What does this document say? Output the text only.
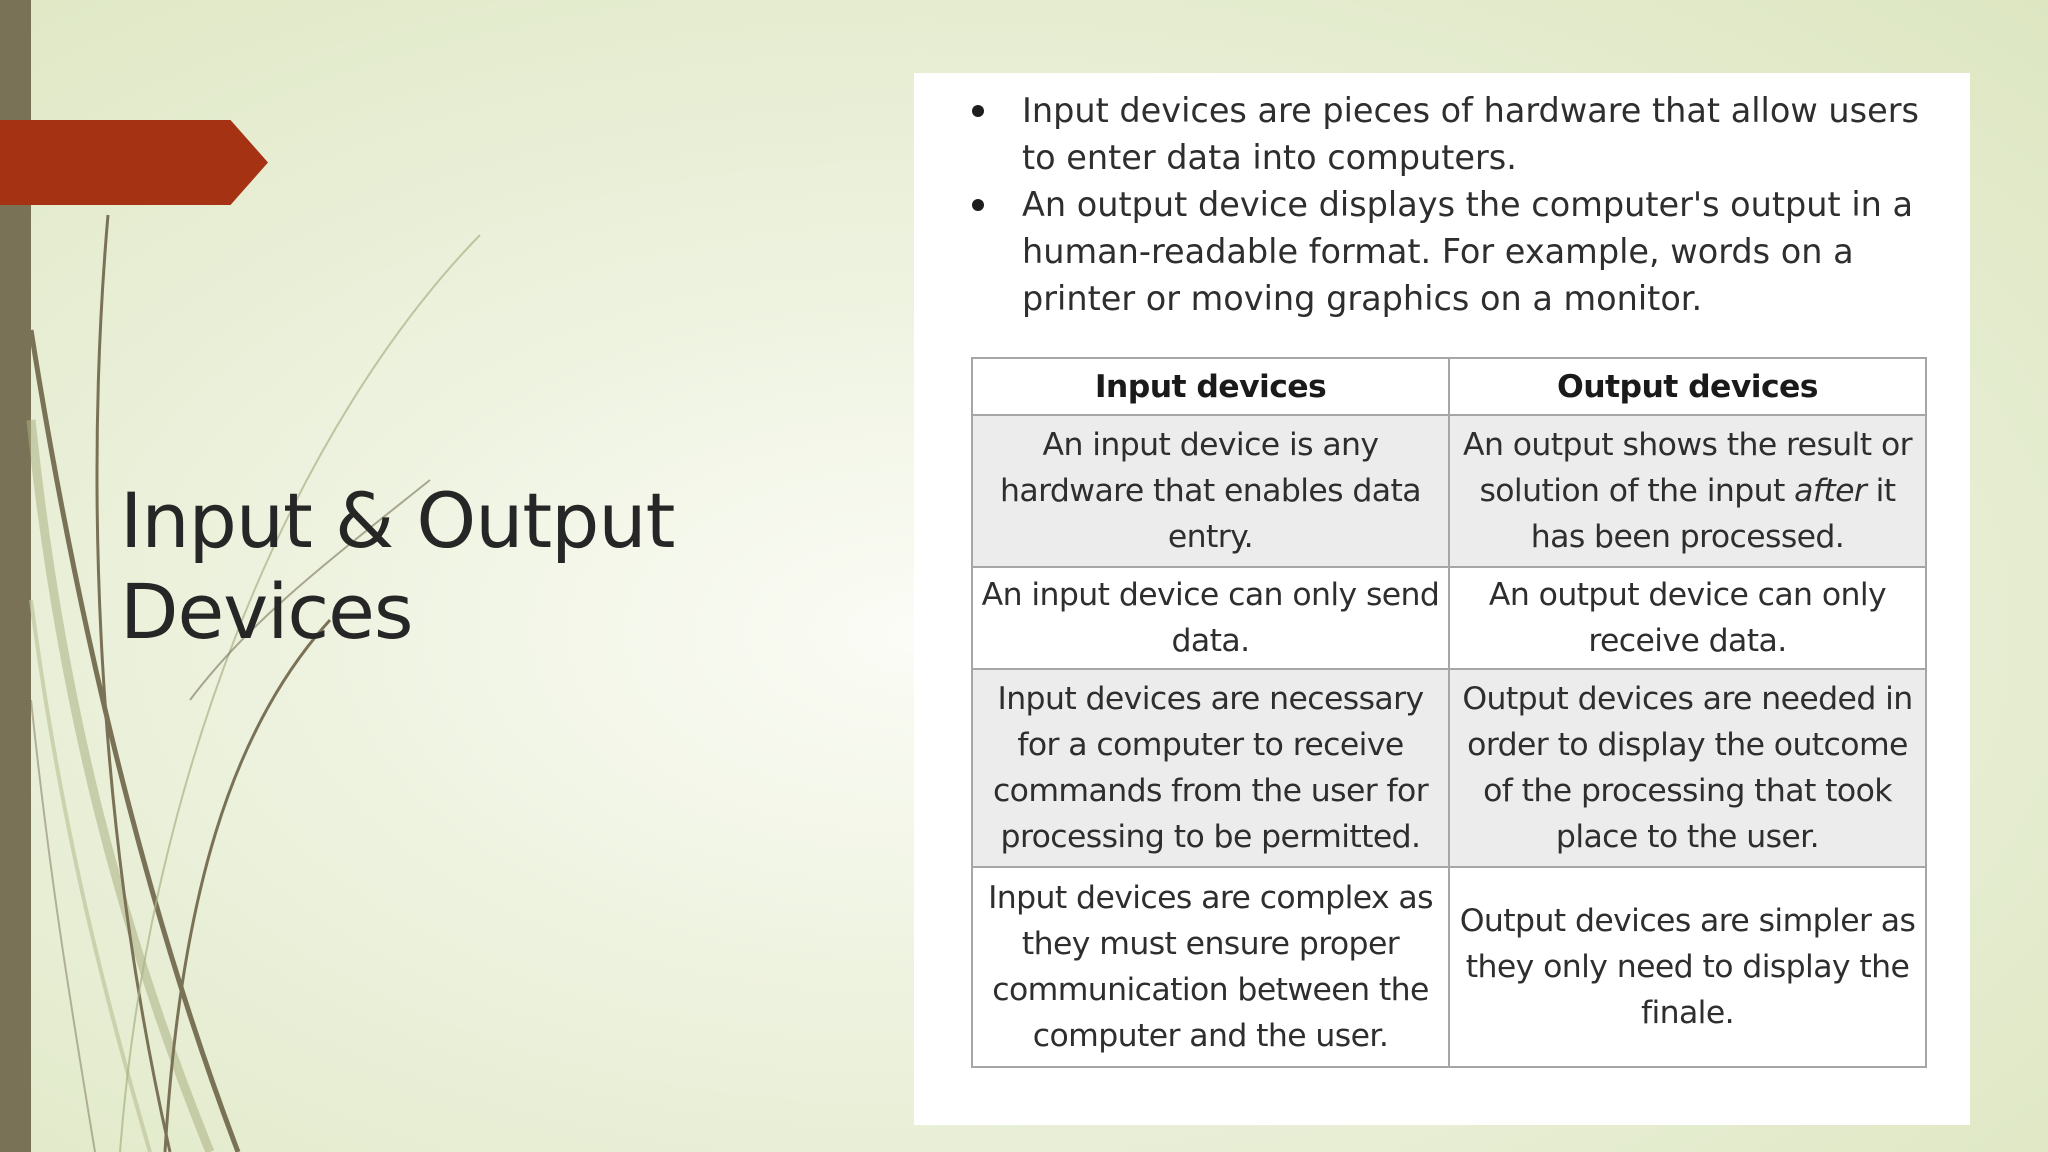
Input & Output
Devices
Input devices are pieces of hardware that allow users to enter data into computers.
An output device displays the computer's output in a human-readable format. For example, words on a printer or moving graphics on a monitor.
Input devices	Output devices
An input device is any hardware that enables data entry.	An output shows the result or solution of the input after it has been processed.
An input device can only send data.	An output device can only receive data.
Input devices are necessary for a computer to receive commands from the user for processing to be permitted.	Output devices are needed in order to display the outcome of the processing that took place to the user.
Input devices are complex as they must ensure proper communication between the computer and the user.	Output devices are simpler as they only need to display the finale.
